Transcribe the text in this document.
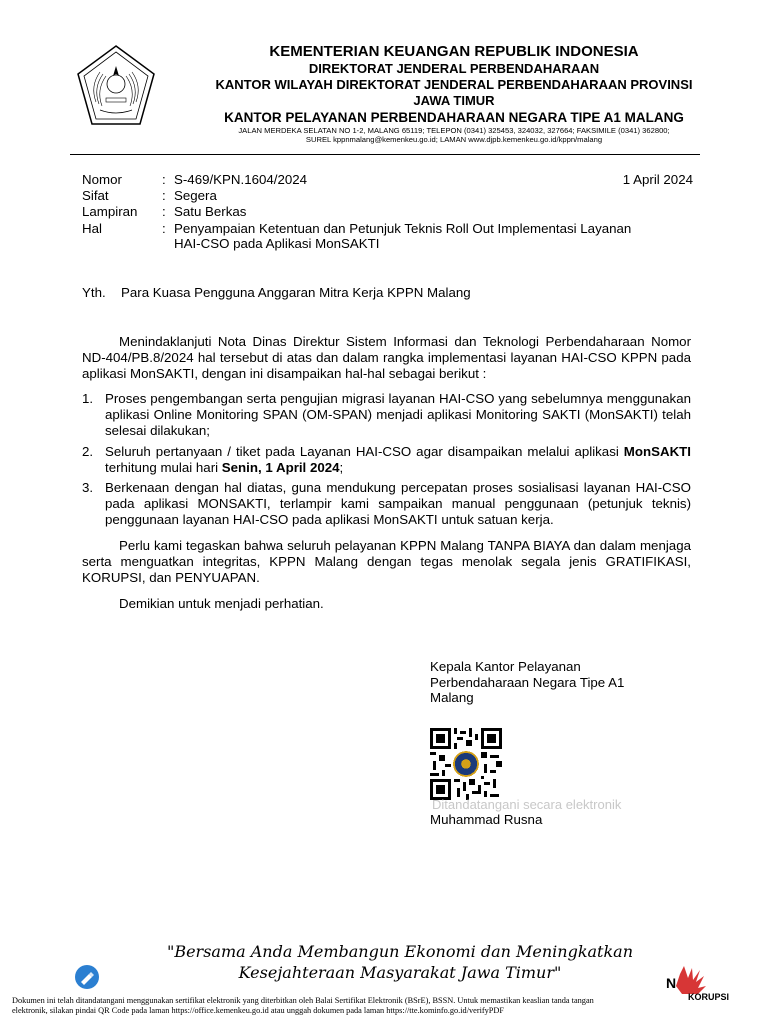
KEMENTERIAN KEUANGAN REPUBLIK INDONESIA
DIREKTORAT JENDERAL PERBENDAHARAAN
KANTOR WILAYAH DIREKTORAT JENDERAL PERBENDAHARAAN PROVINSI
JAWA TIMUR
KANTOR PELAYANAN PERBENDAHARAAN NEGARA TIPE A1 MALANG
JALAN MERDEKA SELATAN NO 1-2, MALANG 65119; TELEPON (0341) 325453, 324032, 327664; FAKSIMILE (0341) 362800;
SUREL kppnmalang@kemenkeu.go.id; LAMAN www.djpb.kemenkeu.go.id/kppn/malang
Nomor	: S-469/KPN.1604/2024	1 April 2024
Sifat	: Segera
Lampiran : Satu Berkas
Hal	: Penyampaian Ketentuan dan Petunjuk Teknis Roll Out Implementasi Layanan
HAI-CSO pada Aplikasi MonSAKTI
Yth. Para Kuasa Pengguna Anggaran Mitra Kerja KPPN Malang
Menindaklanjuti Nota Dinas Direktur Sistem Informasi dan Teknologi Perbendaharaan Nomor ND-404/PB.8/2024 hal tersebut di atas dan dalam rangka implementasi layanan HAI-CSO KPPN pada aplikasi MonSAKTI, dengan ini disampaikan hal-hal sebagai berikut :
1. Proses pengembangan serta pengujian migrasi layanan HAI-CSO yang sebelumnya menggunakan aplikasi Online Monitoring SPAN (OM-SPAN) menjadi aplikasi Monitoring SAKTI (MonSAKTI) telah selesai dilakukan;
2. Seluruh pertanyaan / tiket pada Layanan HAI-CSO agar disampaikan melalui aplikasi MonSAKTI terhitung mulai hari Senin, 1 April 2024;
3. Berkenaan dengan hal diatas, guna mendukung percepatan proses sosialisasi layanan HAI-CSO pada aplikasi MONSAKTI, terlampir kami sampaikan manual penggunaan (petunjuk teknis) penggunaan layanan HAI-CSO pada aplikasi MonSAKTI untuk satuan kerja.
Perlu kami tegaskan bahwa seluruh pelayanan KPPN Malang TANPA BIAYA dan dalam menjaga serta menguatkan integritas, KPPN Malang dengan tegas menolak segala jenis GRATIFIKASI, KORUPSI, dan PENYUAPAN.
Demikian untuk menjadi perhatian.
Kepala Kantor Pelayanan
Perbendaharaan Negara Tipe A1
Malang
Ditandatangani secara elektronik
Muhammad Rusna
"Bersama Anda Membangun Ekonomi dan Meningkatkan
Kesejahteraan Masyarakat Jawa Timur"
N
KORUPSI
Dokumen ini telah ditandatangani menggunakan sertifikat elektronik yang diterbitkan oleh Balai Sertifikat Elektronik (BSrE), BSSN. Untuk memastikan keaslian tanda tangan
elektronik, silakan pindai QR Code pada laman https://office.kemenkeu.go.id atau unggah dokumen pada laman https://tte.kominfo.go.id/verifyPDF
